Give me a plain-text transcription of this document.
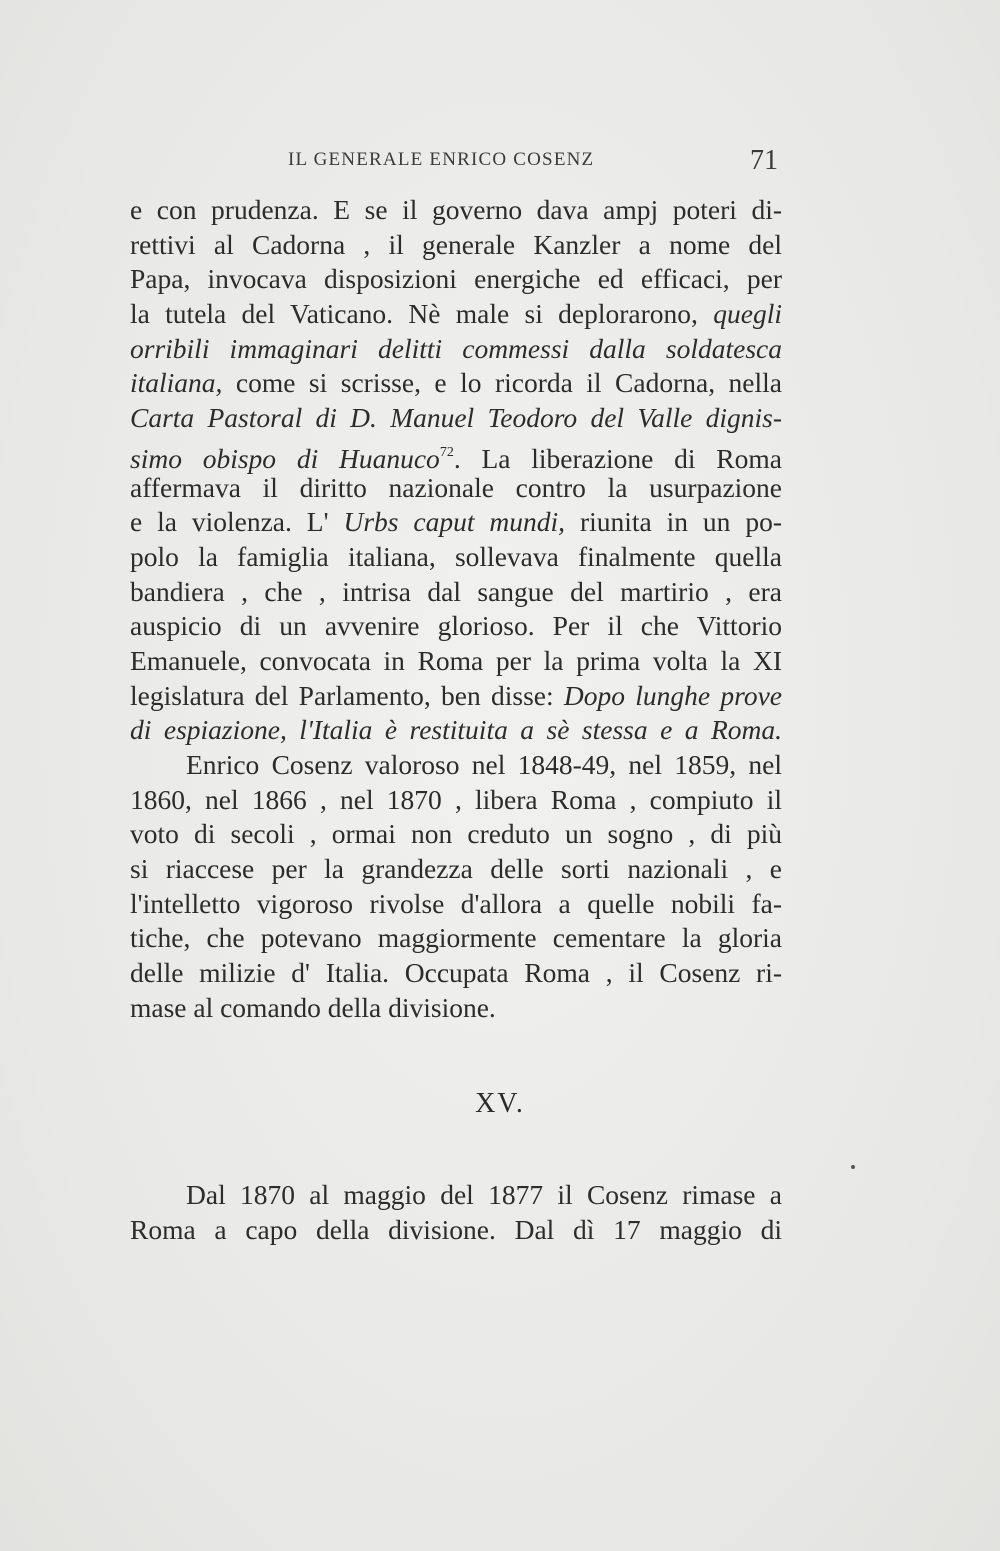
IL GENERALE ENRICO COSENZ	71
e con prudenza. E se il governo dava ampj poteri di-
rettivi al Cadorna , il generale Kanzler a nome del
Papa, invocava disposizioni energiche ed efficaci, per
la tutela del Vaticano. Nè male si deplorarono, quegli
orribili immaginari delitti commessi dalla soldatesca
italiana, come si scrisse, e lo ricorda il Cadorna, nella
Carta Pastoral di D. Manuel Teodoro del Valle dignis-
simo obispo di Huanuco$^{72}$. La liberazione di Roma
affermava il diritto nazionale contro la usurpazione
e la violenza. L' Urbs caput mundi, riunita in un po-
polo la famiglia italiana, sollevava finalmente quella
bandiera , che , intrisa dal sangue del martirio , era
auspicio di un avvenire glorioso. Per il che Vittorio
Emanuele, convocata in Roma per la prima volta la XI
legislatura del Parlamento, ben disse: Dopo lunghe prove
di espiazione, l'Italia è restituita a sè stessa e a Roma.
Enrico Cosenz valoroso nel 1848-49, nel 1859, nel
1860, nel 1866 , nel 1870 , libera Roma , compiuto il
voto di secoli , ormai non creduto un sogno , di più
si riaccese per la grandezza delle sorti nazionali , e
l'intelletto vigoroso rivolse d'allora a quelle nobili fa-
tiche, che potevano maggiormente cementare la gloria
delle milizie d' Italia. Occupata Roma , il Cosenz ri-
mase al comando della divisione.
XV.
Dal 1870 al maggio del 1877 il Cosenz rimase a
Roma a capo della divisione. Dal dì 17 maggio di
